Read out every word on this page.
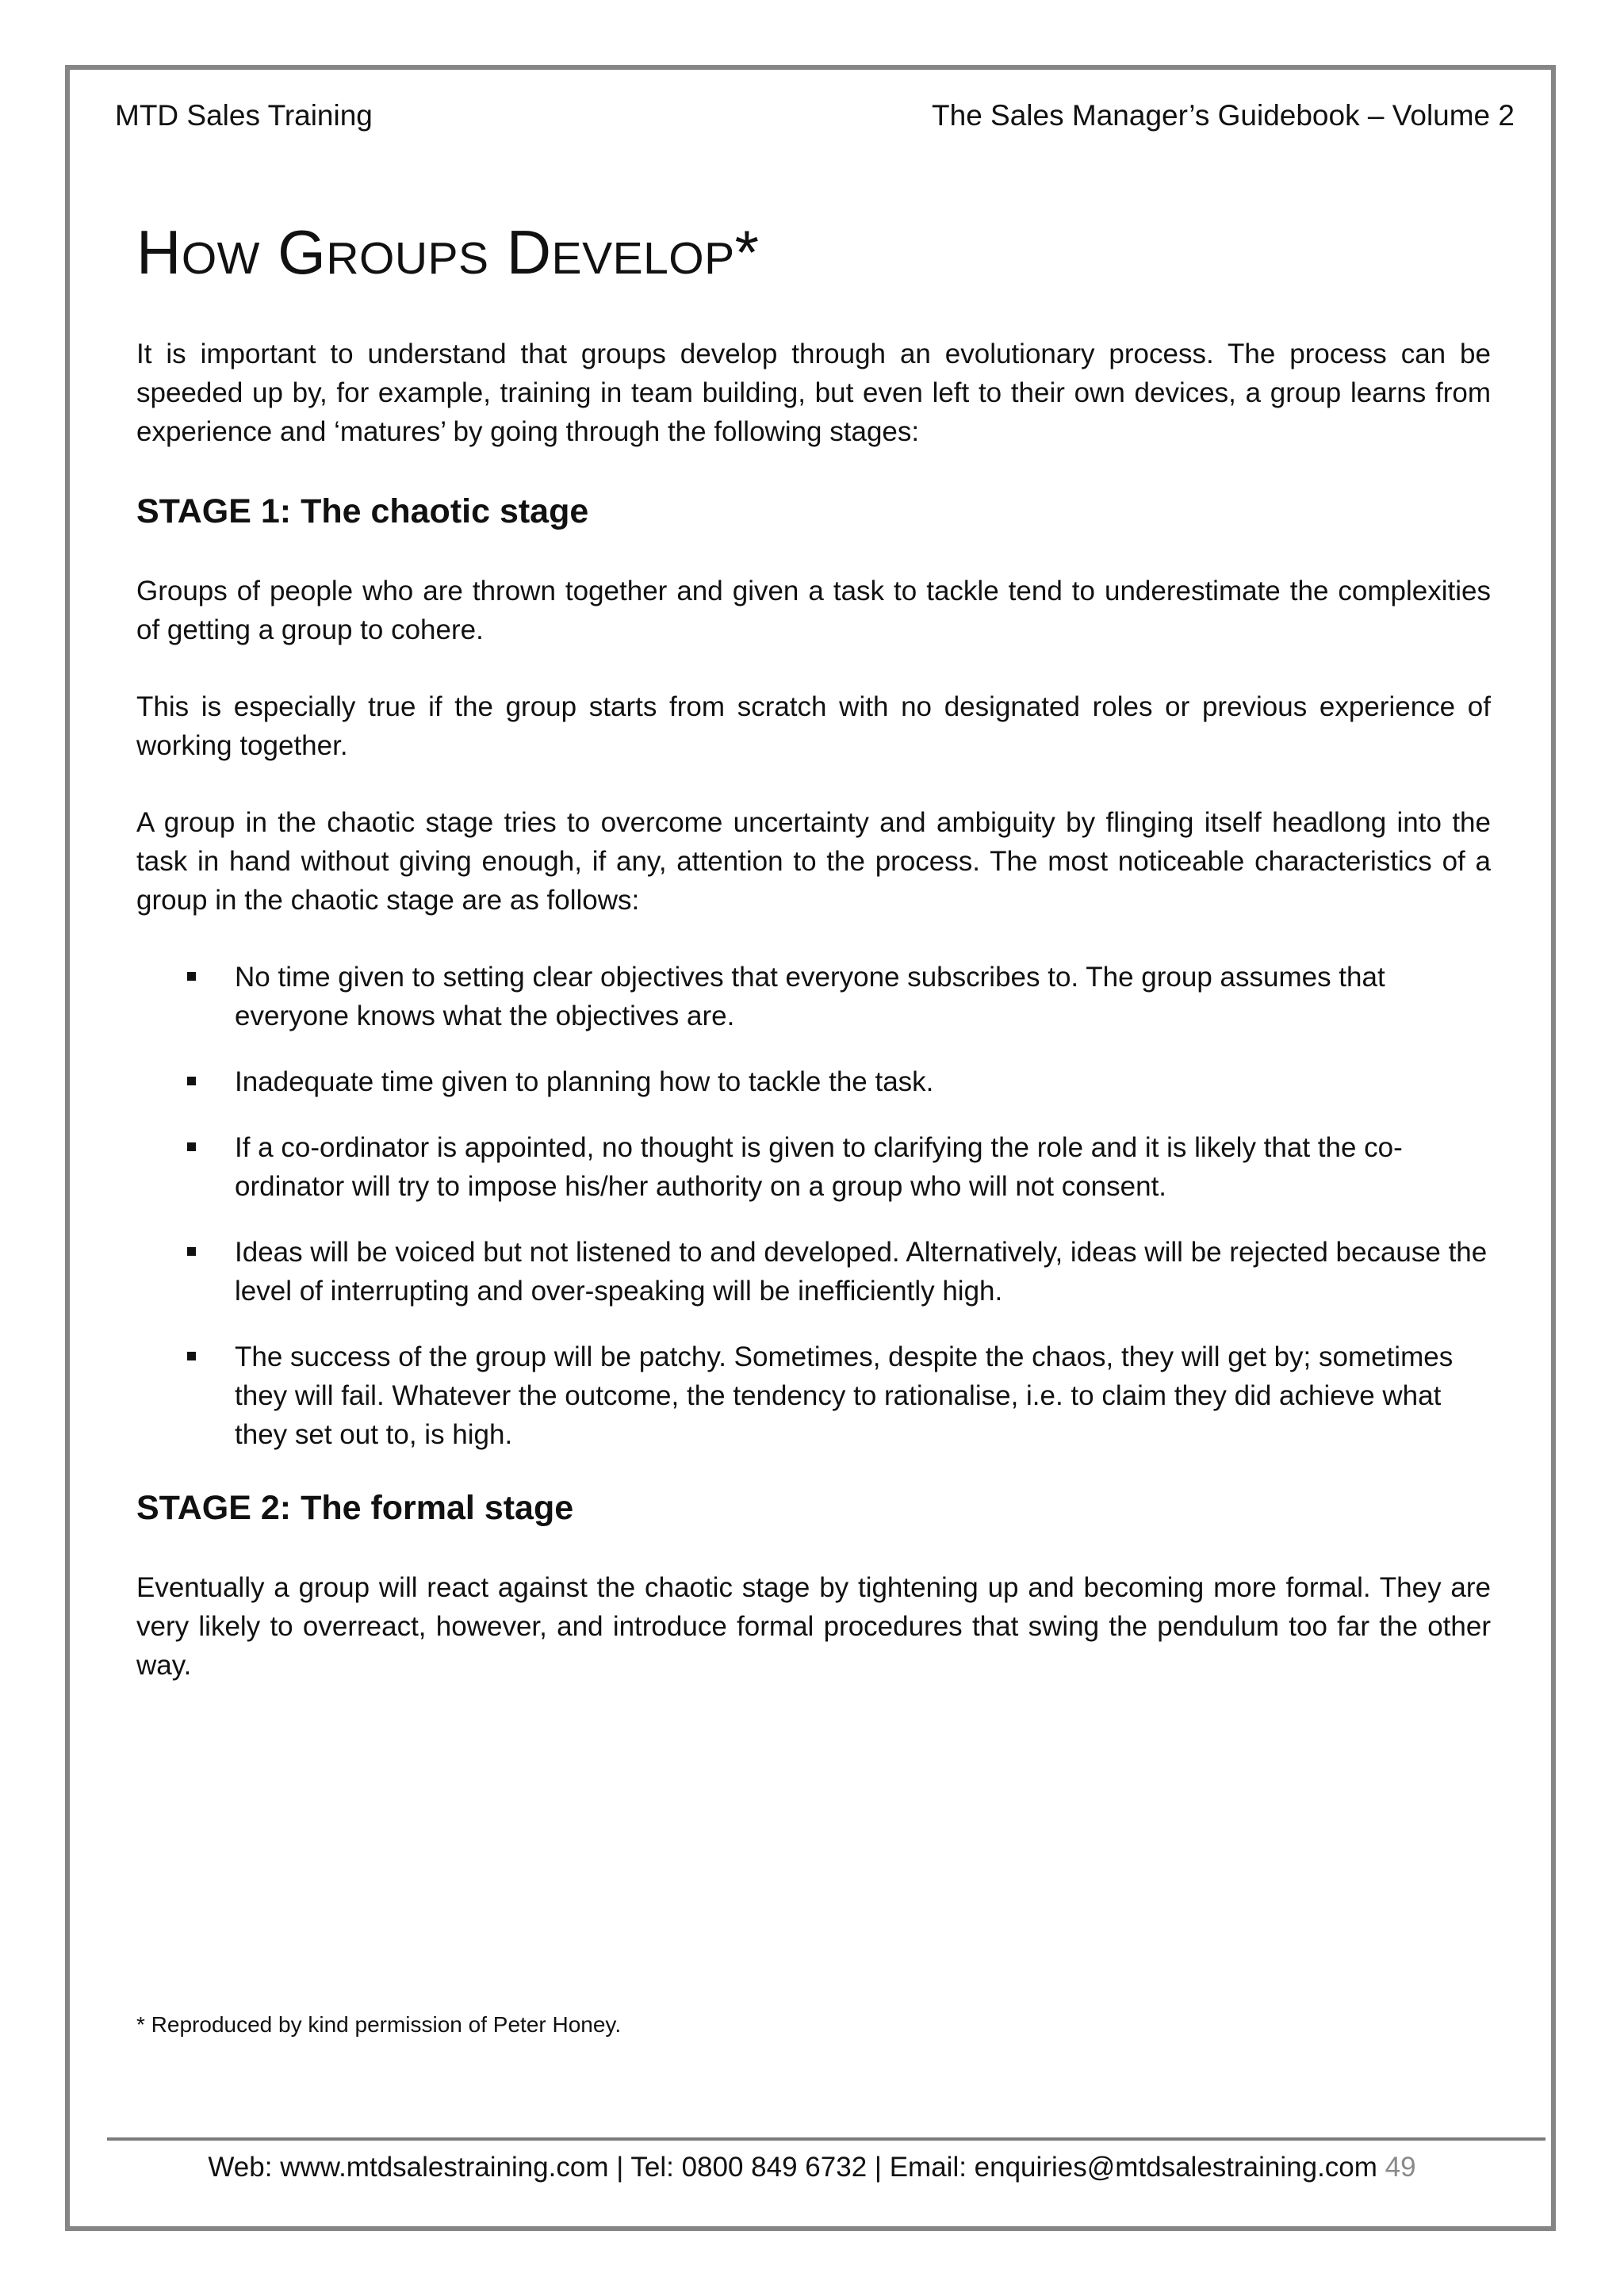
MTD Sales Training	The Sales Manager’s Guidebook – Volume 2
HOW GROUPS DEVELOP*

It is important to understand that groups develop through an evolutionary process. The process can be speeded up by, for example, training in team building, but even left to their own devices, a group learns from experience and ‘matures’ by going through the following stages:

STAGE 1: The chaotic stage

Groups of people who are thrown together and given a task to tackle tend to underestimate the complexities of getting a group to cohere.

This is especially true if the group starts from scratch with no designated roles or previous experience of working together.

A group in the chaotic stage tries to overcome uncertainty and ambiguity by flinging itself headlong into the task in hand without giving enough, if any, attention to the process. The most noticeable characteristics of a group in the chaotic stage are as follows:

No time given to setting clear objectives that everyone subscribes to. The group assumes that everyone knows what the objectives are.
Inadequate time given to planning how to tackle the task.
If a co-ordinator is appointed, no thought is given to clarifying the role and it is likely that the co-ordinator will try to impose his/her authority on a group who will not consent.
Ideas will be voiced but not listened to and developed. Alternatively, ideas will be rejected because the level of interrupting and over-speaking will be inefficiently high.
The success of the group will be patchy. Sometimes, despite the chaos, they will get by; sometimes they will fail. Whatever the outcome, the tendency to rationalise, i.e. to claim they did achieve what they set out to, is high.
STAGE 2: The formal stage

Eventually a group will react against the chaotic stage by tightening up and becoming more formal. They are very likely to overreact, however, and introduce formal procedures that swing the pendulum too far the other way.

* Reproduced by kind permission of Peter Honey.
Web: www.mtdsalestraining.com | Tel: 0800 849 6732 | Email: enquiries@mtdsalestraining.com 49
